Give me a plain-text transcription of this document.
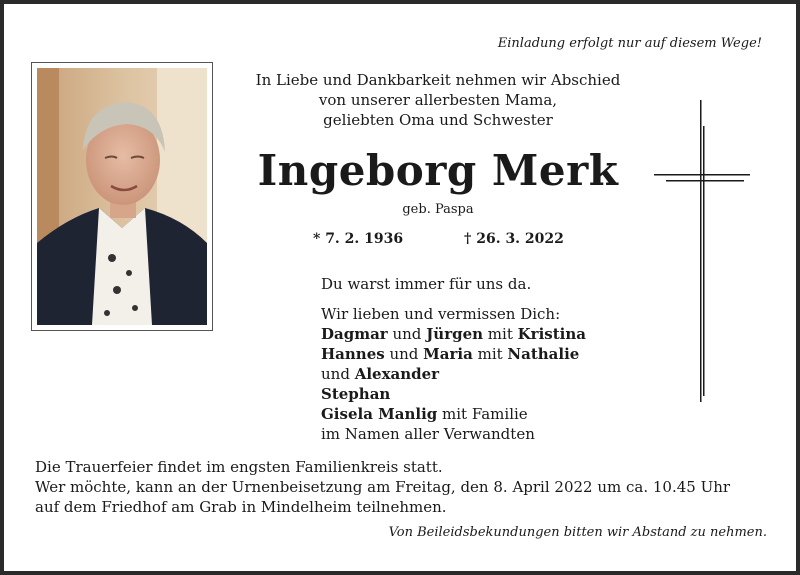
Einladung erfolgt nur auf diesem Wege!
In Liebe und Dankbarkeit nehmen wir Abschied
von unserer allerbesten Mama,
geliebten Oma und Schwester
Ingeborg Merk
geb. Paspa
* 7. 2. 1936	† 26. 3. 2022
Du warst immer für uns da.
Wir lieben und vermissen Dich:
Dagmar und Jürgen mit Kristina
Hannes und Maria mit Nathalie
und Alexander
Stephan
Gisela Manlig mit Familie
im Namen aller Verwandten
Die Trauerfeier findet im engsten Familienkreis statt.
Wer möchte, kann an der Urnenbeisetzung am Freitag, den 8. April 2022 um ca. 10.45 Uhr
auf dem Friedhof am Grab in Mindelheim teilnehmen.
Von Beileidsbekundungen bitten wir Abstand zu nehmen.
